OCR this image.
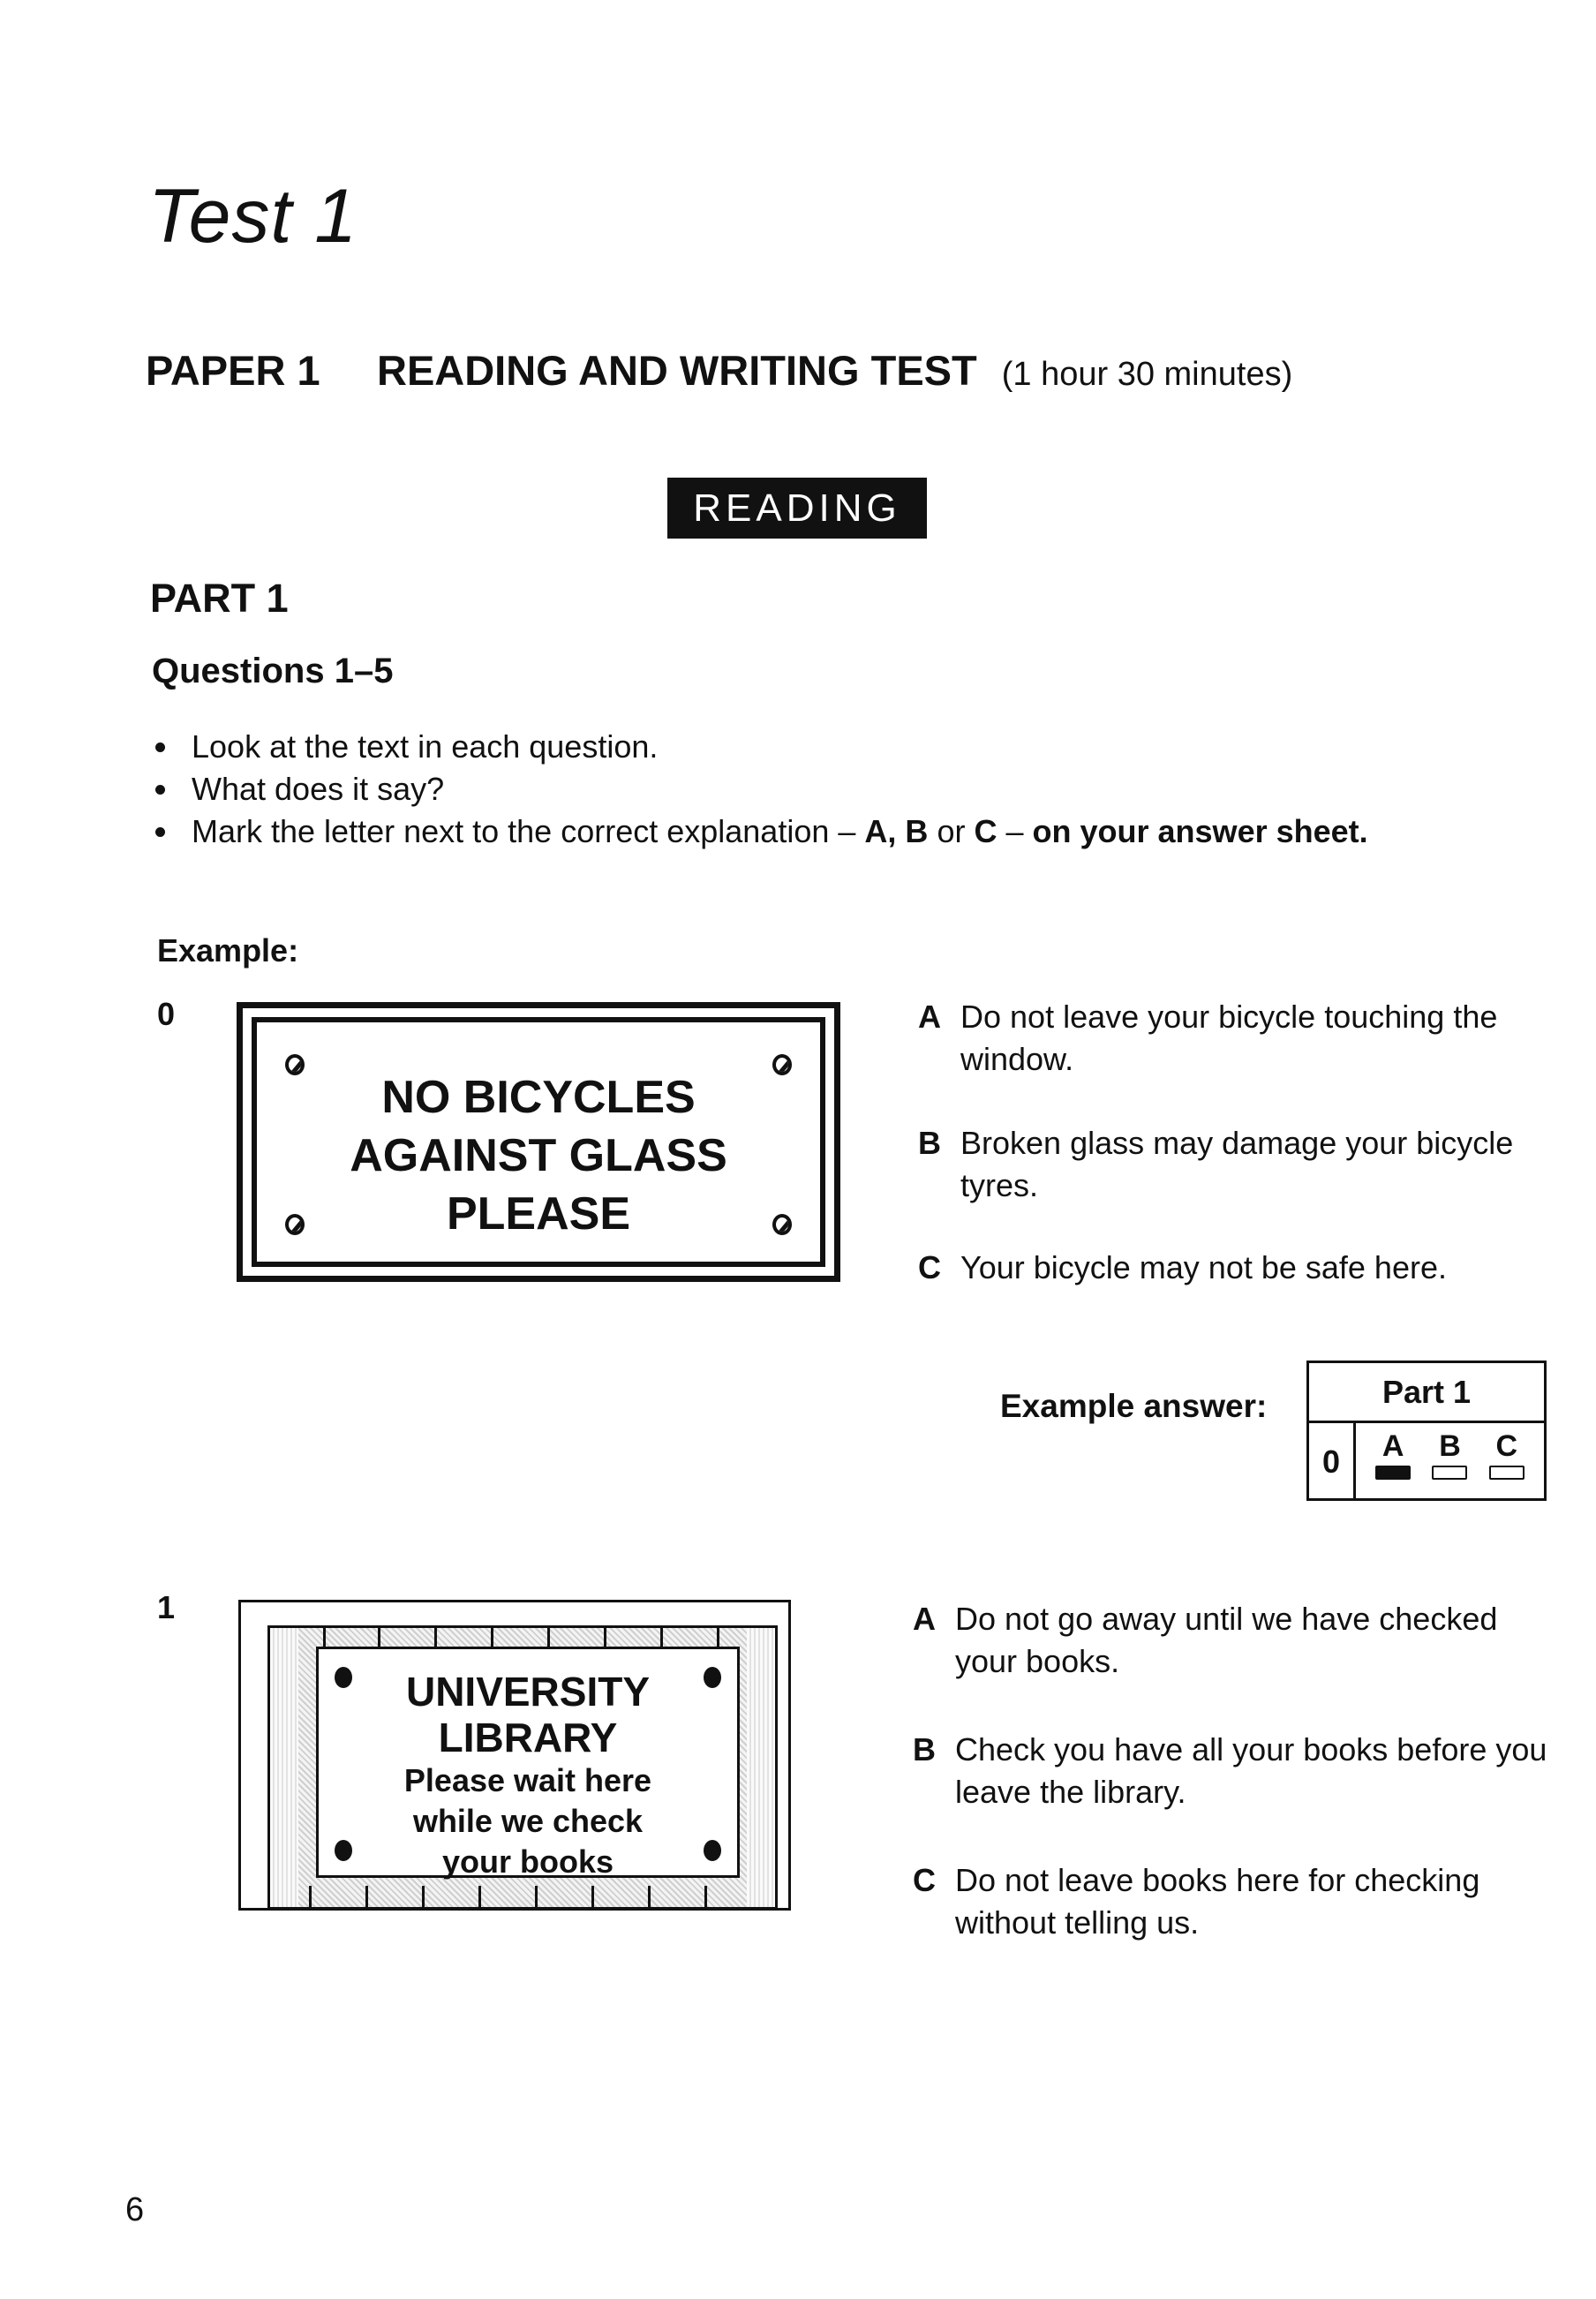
Test 1
PAPER 1 READING AND WRITING TEST (1 hour 30 minutes)
READING
PART 1
Questions 1–5
Look at the text in each question.
What does it say?
Mark the letter next to the correct explanation – A, B or C – on your answer sheet.
Example:
0
NO BICYCLES
AGAINST GLASS
PLEASE
A Do not leave your bicycle touching the window.
B Broken glass may damage your bicycle tyres.
C Your bicycle may not be safe here.
Example answer:	Part 1
0	A B C
1
UNIVERSITY
LIBRARY
Please wait here
while we check
your books
A Do not go away until we have checked your books.
B Check you have all your books before you leave the library.
C Do not leave books here for checking without telling us.
6
